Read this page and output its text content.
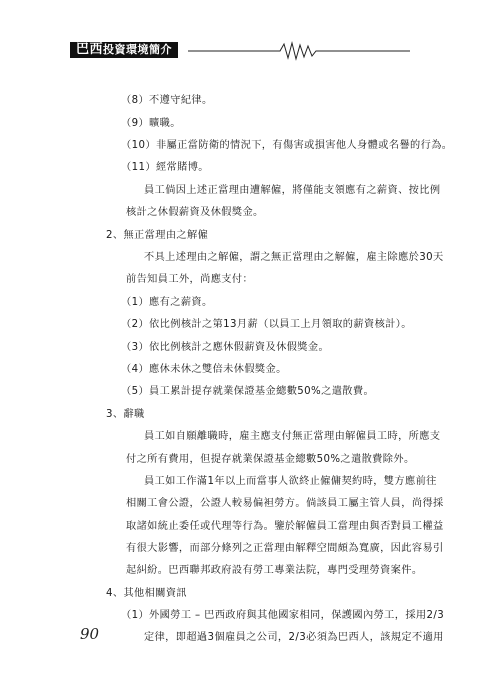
巴西投資環境簡介
（8）不遵守紀律。
（9）曠職。
（10）非屬正當防衛的情況下，有傷害或損害他人身體或名譽的行為。
（11）經常賭博。
員工倘因上述正當理由遭解僱，將僅能支領應有之薪資、按比例
核計之休假薪資及休假獎金。
2、無正當理由之解僱
不具上述理由之解僱，謂之無正當理由之解僱，雇主除應於30天
前告知員工外，尚應支付：
（1）應有之薪資。
（2）依比例核計之第13月薪（以員工上月領取的薪資核計）。
（3）依比例核計之應休假薪資及休假獎金。
（4）應休未休之雙倍未休假獎金。
（5）員工累計提存就業保證基金總數50%之遣散費。
3、辭職
員工如自願離職時，雇主應支付無正當理由解僱員工時，所應支
付之所有費用，但提存就業保證基金總數50%之遣散費除外。
員工如工作滿1年以上而當事人欲終止僱傭契約時，雙方應前往
相關工會公證，公證人較易偏袒勞方。倘該員工屬主管人員，尚得採
取諸如統止委任或代理等行為。鑒於解僱員工當理由與否對員工權益
有很大影響，而部分條列之正當理由解釋空間頗為寬廣，因此容易引
起糾紛。巴西聯邦政府設有勞工專業法院，專門受理勞資案件。
4、其他相關資訊
（1）外國勞工 – 巴西政府與其他國家相同，保護國內勞工，採用2/3
定律，即超過3個雇員之公司，2/3必須為巴西人，該規定不適用
90
